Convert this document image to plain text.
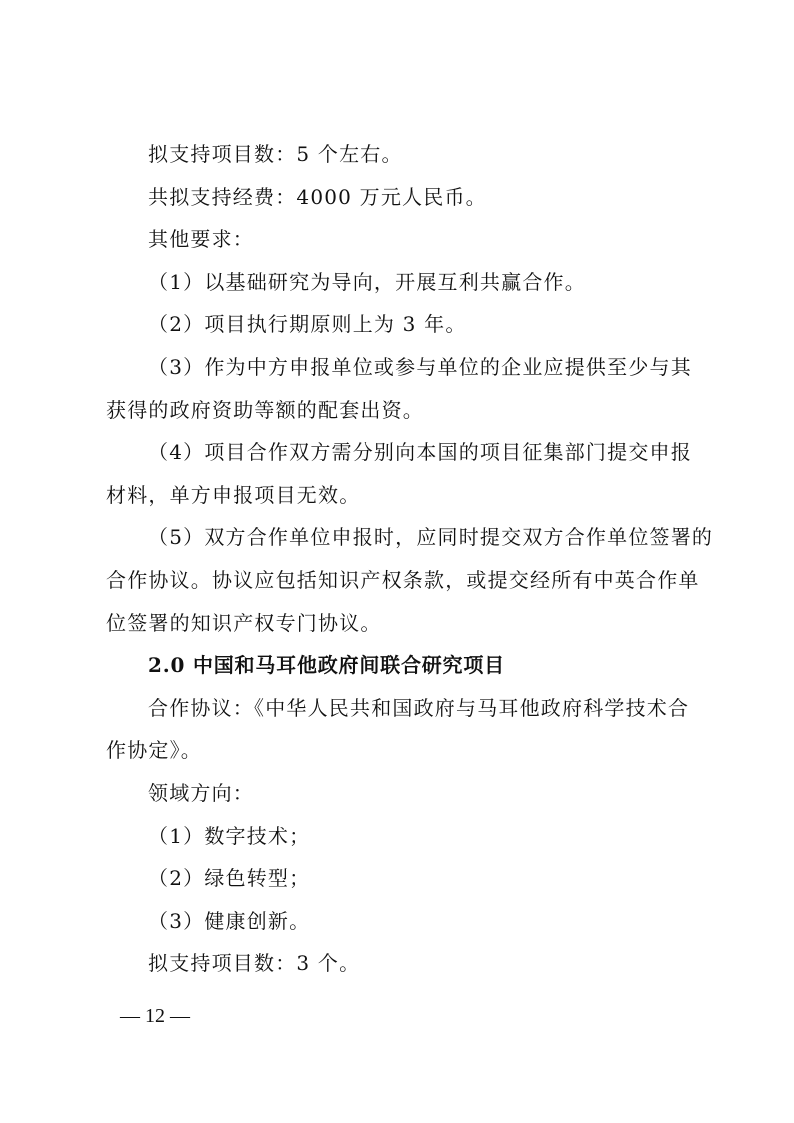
拟支持项目数：5 个左右。
共拟支持经费：4000 万元人民币。
其他要求：
（1）以基础研究为导向，开展互利共赢合作。
（2）项目执行期原则上为 3 年。
（3）作为中方申报单位或参与单位的企业应提供至少与其
获得的政府资助等额的配套出资。
（4）项目合作双方需分别向本国的项目征集部门提交申报
材料，单方申报项目无效。
（5）双方合作单位申报时，应同时提交双方合作单位签署的
合作协议。协议应包括知识产权条款，或提交经所有中英合作单
位签署的知识产权专门协议。
2.0 中国和马耳他政府间联合研究项目
合作协议：《中华人民共和国政府与马耳他政府科学技术合
作协定》。
领域方向：
（1）数字技术；
（2）绿色转型；
（3）健康创新。
拟支持项目数：3 个。
— 12 —
